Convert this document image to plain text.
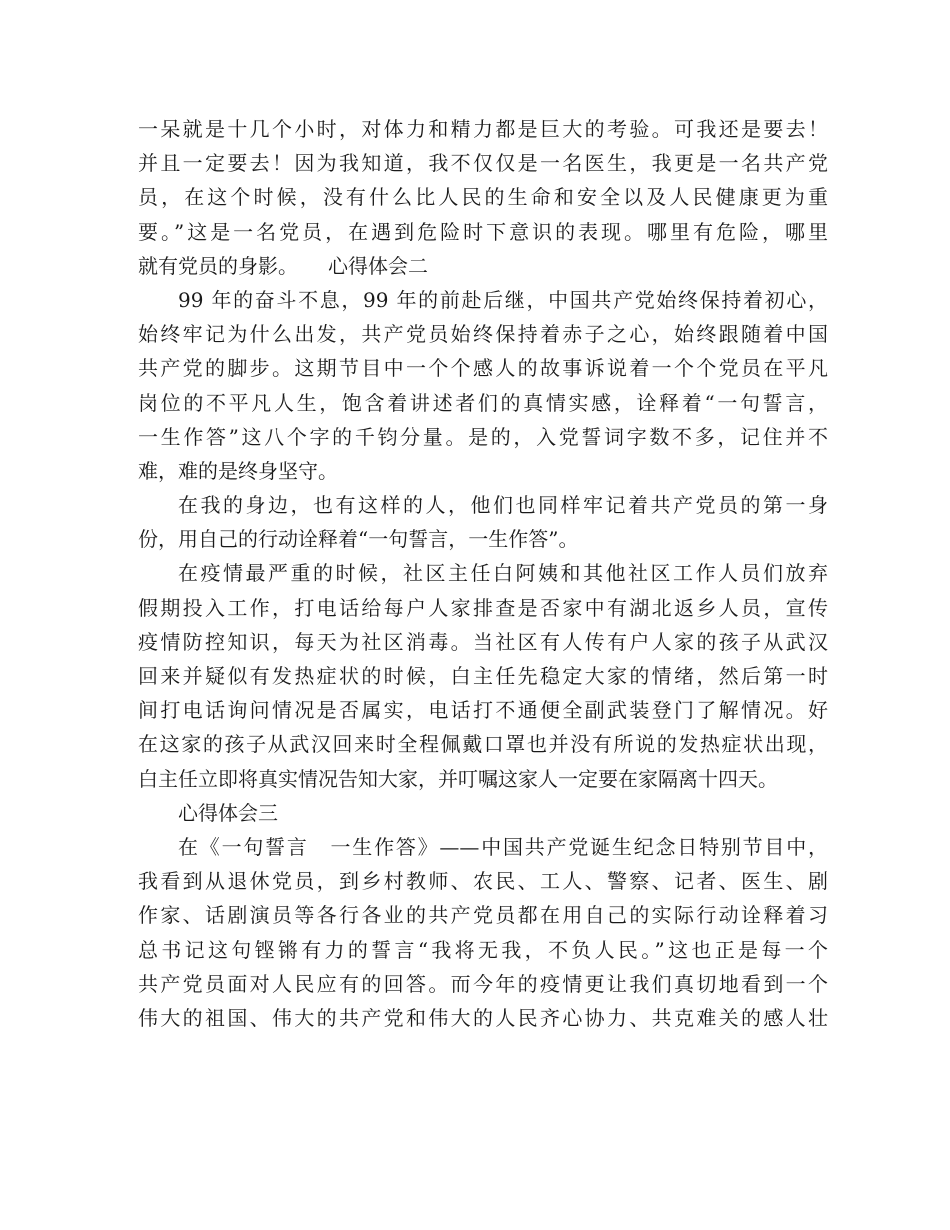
一呆就是十几个小时，对体力和精力都是巨大的考验。可我还是要去！
并且一定要去！因为我知道，我不仅仅是一名医生，我更是一名共产党
员，在这个时候，没有什么比人民的生命和安全以及人民健康更为重
要。”这是一名党员，在遇到危险时下意识的表现。哪里有危险，哪里
就有党员的身影。　　心得体会二
99 年的奋斗不息，99 年的前赴后继，中国共产党始终保持着初心，
始终牢记为什么出发，共产党员始终保持着赤子之心，始终跟随着中国
共产党的脚步。这期节目中一个个感人的故事诉说着一个个党员在平凡
岗位的不平凡人生，饱含着讲述者们的真情实感，诠释着“一句誓言，
一生作答”这八个字的千钧分量。是的，入党誓词字数不多，记住并不
难，难的是终身坚守。
在我的身边，也有这样的人，他们也同样牢记着共产党员的第一身
份，用自己的行动诠释着“一句誓言，一生作答”。
在疫情最严重的时候，社区主任白阿姨和其他社区工作人员们放弃
假期投入工作，打电话给每户人家排查是否家中有湖北返乡人员，宣传
疫情防控知识，每天为社区消毒。当社区有人传有户人家的孩子从武汉
回来并疑似有发热症状的时候，白主任先稳定大家的情绪，然后第一时
间打电话询问情况是否属实，电话打不通便全副武装登门了解情况。好
在这家的孩子从武汉回来时全程佩戴口罩也并没有所说的发热症状出现，
白主任立即将真实情况告知大家，并叮嘱这家人一定要在家隔离十四天。
心得体会三
在《一句誓言　一生作答》——中国共产党诞生纪念日特别节目中，
我看到从退休党员，到乡村教师、农民、工人、警察、记者、医生、剧
作家、话剧演员等各行各业的共产党员都在用自己的实际行动诠释着习
总书记这句铿锵有力的誓言“我将无我，不负人民。”这也正是每一个
共产党员面对人民应有的回答。而今年的疫情更让我们真切地看到一个
伟大的祖国、伟大的共产党和伟大的人民齐心协力、共克难关的感人壮
